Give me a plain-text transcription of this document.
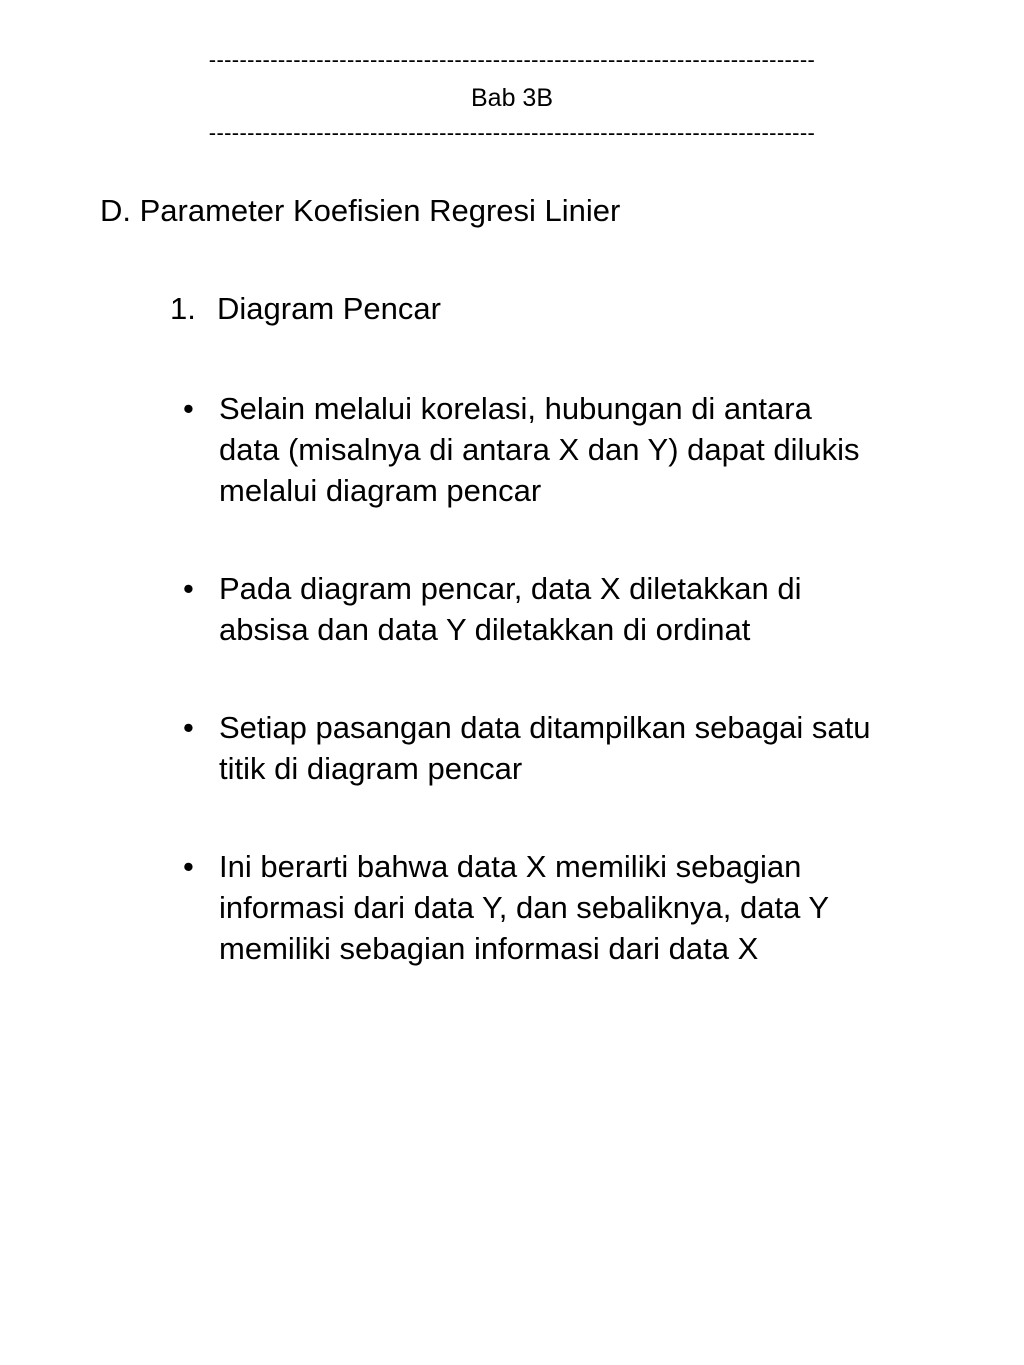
-------------------------------------------------------------------------------
Bab 3B
-------------------------------------------------------------------------------
D. Parameter Koefisien Regresi Linier
1. Diagram Pencar
• Selain melalui korelasi, hubungan di antara
data (misalnya di antara X dan Y) dapat dilukis
melalui diagram pencar
• Pada diagram pencar, data X diletakkan di
absisa dan data Y diletakkan di ordinat
• Setiap pasangan data ditampilkan sebagai satu
titik di diagram pencar
• Ini berarti bahwa data X memiliki sebagian
informasi dari data Y, dan sebaliknya, data Y
memiliki sebagian informasi dari data X
